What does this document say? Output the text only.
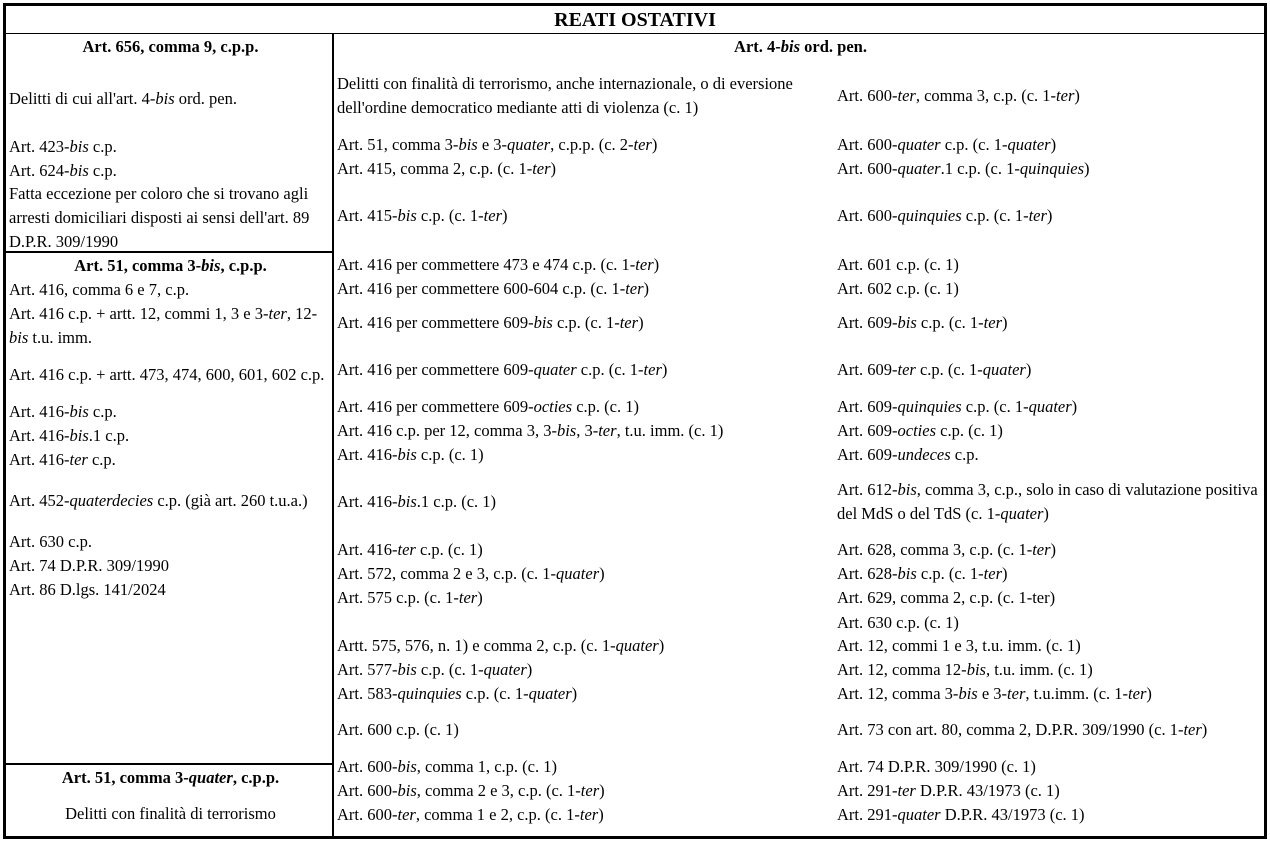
REATI OSTATIVI
Art. 656, comma 9, c.p.p.
Delitti di cui all'art. 4-bis ord. pen.
Art. 423-bis c.p.
Art. 624-bis c.p.
Fatta eccezione per coloro che si trovano agli arresti domiciliari disposti ai sensi dell'art. 89 D.P.R. 309/1990
Art. 51, comma 3-bis, c.p.p.
Art. 416, comma 6 e 7, c.p.
Art. 416 c.p. + artt. 12, commi 1, 3 e 3-ter, 12-bis t.u. imm.
Art. 416 c.p. + artt. 473, 474, 600, 601, 602 c.p.
Art. 416-bis c.p.
Art. 416-bis.1 c.p.
Art. 416-ter c.p.
Art. 452-quaterdecies c.p. (già art. 260 t.u.a.)
Art. 630 c.p.
Art. 74 D.P.R. 309/1990
Art. 86 D.lgs. 141/2024
Art. 51, comma 3-quater, c.p.p.
Delitti con finalità di terrorismo
Delitti con finalità di terrorismo, anche internazionale, o di eversione dell'ordine democratico mediante atti di violenza (c. 1)
Art. 51, comma 3-bis e 3-quater, c.p.p. (c. 2-ter)
Art. 415, comma 2, c.p. (c. 1-ter)
Art. 415-bis c.p. (c. 1-ter)
Art. 416 per commettere 473 e 474 c.p. (c. 1-ter)
Art. 416 per commettere 600-604 c.p. (c. 1-ter)
Art. 416 per commettere 609-bis c.p. (c. 1-ter)
Art. 416 per commettere 609-quater c.p. (c. 1-ter)
Art. 416 per commettere 609-octies c.p. (c. 1)
Art. 416 c.p. per 12, comma 3, 3-bis, 3-ter, t.u. imm. (c. 1)
Art. 416-bis c.p. (c. 1)
Art. 416-bis.1 c.p. (c. 1)
Art. 416-ter c.p. (c. 1)
Art. 572, comma 2 e 3, c.p. (c. 1-quater)
Art. 575 c.p. (c. 1-ter)
Artt. 575, 576, n. 1) e comma 2, c.p. (c. 1-quater)
Art. 577-bis c.p. (c. 1-quater)
Art. 583-quinquies c.p. (c. 1-quater)
Art. 600 c.p. (c. 1)
Art. 600-bis, comma 1, c.p. (c. 1)
Art. 600-bis, comma 2 e 3, c.p. (c. 1-ter)
Art. 600-ter, comma 1 e 2, c.p. (c. 1-ter)
Art. 600-ter, comma 3, c.p. (c. 1-ter)
Art. 600-quater c.p. (c. 1-quater)
Art. 600-quater.1 c.p. (c. 1-quinquies)
Art. 600-quinquies c.p. (c. 1-ter)
Art. 601 c.p. (c. 1)
Art. 602 c.p. (c. 1)
Art. 609-bis c.p. (c. 1-ter)
Art. 609-ter c.p. (c. 1-quater)
Art. 609-quinquies c.p. (c. 1-quater)
Art. 609-octies c.p. (c. 1)
Art. 609-undeces c.p.
Art. 612-bis, comma 3, c.p., solo in caso di valutazione positiva del MdS o del TdS (c. 1-quater)
Art. 628, comma 3, c.p. (c. 1-ter)
Art. 628-bis c.p. (c. 1-ter)
Art. 629, comma 2, c.p. (c. 1-ter)
Art. 630 c.p. (c. 1)
Art. 12, commi 1 e 3, t.u. imm. (c. 1)
Art. 12, comma 12-bis, t.u. imm. (c. 1)
Art. 12, comma 3-bis e 3-ter, t.u.imm. (c. 1-ter)
Art. 73 con art. 80, comma 2, D.P.R. 309/1990 (c. 1-ter)
Art. 74 D.P.R. 309/1990 (c. 1)
Art. 291-ter D.P.R. 43/1973 (c. 1)
Art. 291-quater D.P.R. 43/1973 (c. 1)
Art. 4-bis ord. pen.
